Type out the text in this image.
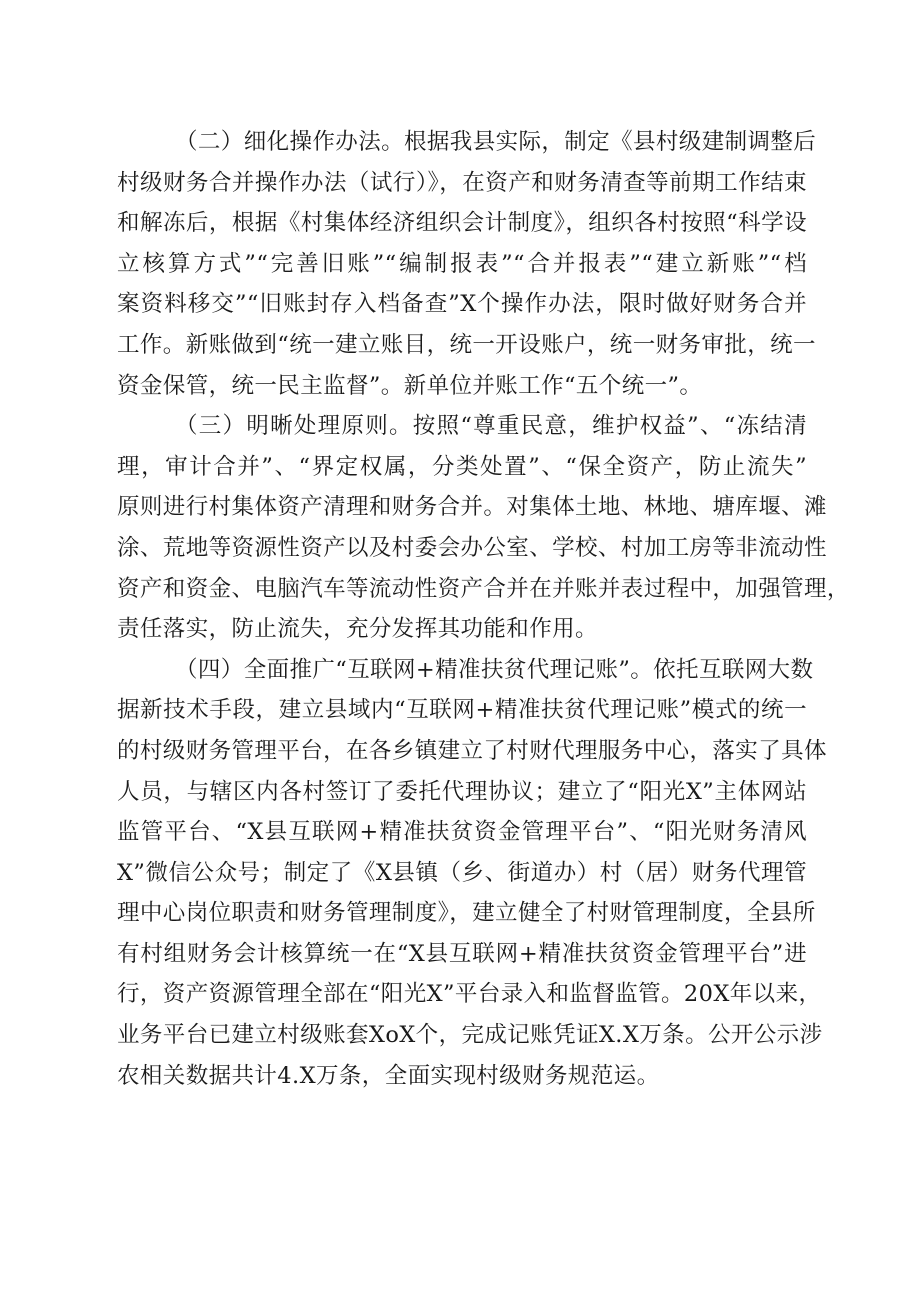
（二）细化操作办法。根据我县实际，制定《县村级建制调整后
村级财务合并操作办法（试行）》，在资产和财务清查等前期工作结束
和解冻后，根据《村集体经济组织会计制度》，组织各村按照“科学设
立核算方式”“完善旧账”“编制报表”“合并报表”“建立新账”“档
案资料移交”“旧账封存入档备查”X个操作办法，限时做好财务合并
工作。新账做到“统一建立账目，统一开设账户，统一财务审批，统一
资金保管，统一民主监督”。新单位并账工作“五个统一”。
（三）明晰处理原则。按照“尊重民意，维护权益”、“冻结清
理，审计合并”、“界定权属，分类处置”、“保全资产，防止流失”
原则进行村集体资产清理和财务合并。对集体土地、林地、塘库堰、滩
涂、荒地等资源性资产以及村委会办公室、学校、村加工房等非流动性
资产和资金、电脑汽车等流动性资产合并在并账并表过程中，加强管理，
责任落实，防止流失，充分发挥其功能和作用。
（四）全面推广“互联网+精准扶贫代理记账”。依托互联网大数
据新技术手段，建立县域内“互联网+精准扶贫代理记账”模式的统一
的村级财务管理平台，在各乡镇建立了村财代理服务中心，落实了具体
人员，与辖区内各村签订了委托代理协议；建立了“阳光X”主体网站
监管平台、“X县互联网+精准扶贫资金管理平台”、“阳光财务清风
X”微信公众号；制定了《X县镇（乡、街道办）村（居）财务代理管
理中心岗位职责和财务管理制度》，建立健全了村财管理制度，全县所
有村组财务会计核算统一在“X县互联网+精准扶贫资金管理平台”进
行，资产资源管理全部在“阳光X”平台录入和监督监管。20X年以来，
业务平台已建立村级账套XoX个，完成记账凭证X.X万条。公开公示涉
农相关数据共计4.X万条，全面实现村级财务规范运。
